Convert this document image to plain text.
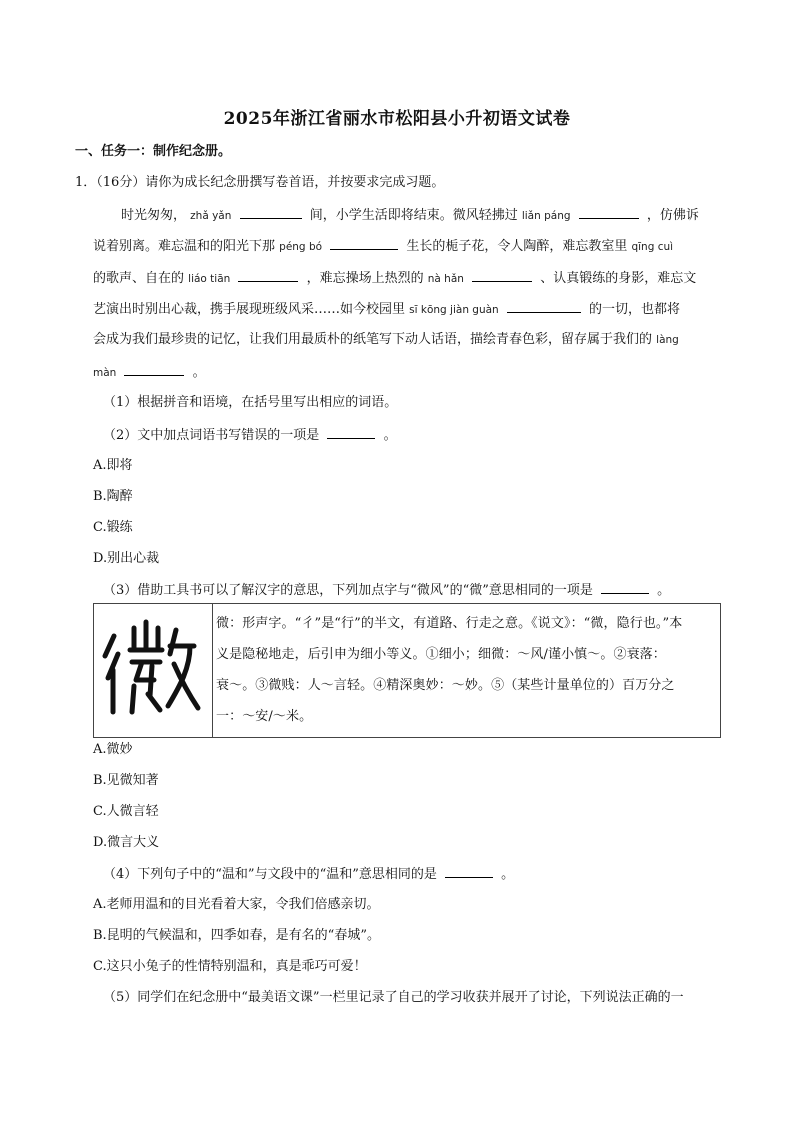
2025年浙江省丽水市松阳县小升初语文试卷
一、任务一：制作纪念册。
1．（16分）请你为成长纪念册撰写卷首语，并按要求完成习题。
时光匆匆， zhǎ yǎn	间，小学生活即将结束。微风轻拂过 liǎn páng	，仿佛诉
说着别离。难忘温和的阳光下那 péng bó	生长的栀子花，令人陶醉，难忘教室里 qīng cuì
的歌声、自在的 liáo tiān	，难忘操场上热烈的 nà hǎn	、认真锻练的身影，难忘文
艺演出时别出心裁，携手展现班级风采……如今校园里 sī kōng jiàn guàn	的一切，也都将
会成为我们最珍贵的记忆，让我们用最质朴的纸笔写下动人话语，描绘青春色彩，留存属于我们的 làng
màn	。
（1）根据拼音和语境，在括号里写出相应的词语。
（2）文中加点词语书写错误的一项是	。
A.即将
B.陶醉
C.锻练
D.别出心裁
（3）借助工具书可以了解汉字的意思，下列加点字与“微风”的“微”意思相同的一项是	。

微：形声字。“彳”是“行”的半文，有道路、行走之意。《说文》：“微，隐行也。”本
义是隐秘地走，后引申为细小等义。①细小；细微：～风/谨小慎～。②衰落：
衰～。③微贱：人～言轻。④精深奥妙：～妙。⑤（某些计量单位的）百万分之
一：～安/～米。
A.微妙
B.见微知著
C.人微言轻
D.微言大义
（4）下列句子中的“温和”与文段中的“温和”意思相同的是	。
A.老师用温和的目光看着大家，令我们倍感亲切。
B.昆明的气候温和，四季如春，是有名的“春城”。
C.这只小兔子的性情特别温和，真是乖巧可爱！
（5）同学们在纪念册中“最美语文课”一栏里记录了自己的学习收获并展开了讨论，下列说法正确的一
